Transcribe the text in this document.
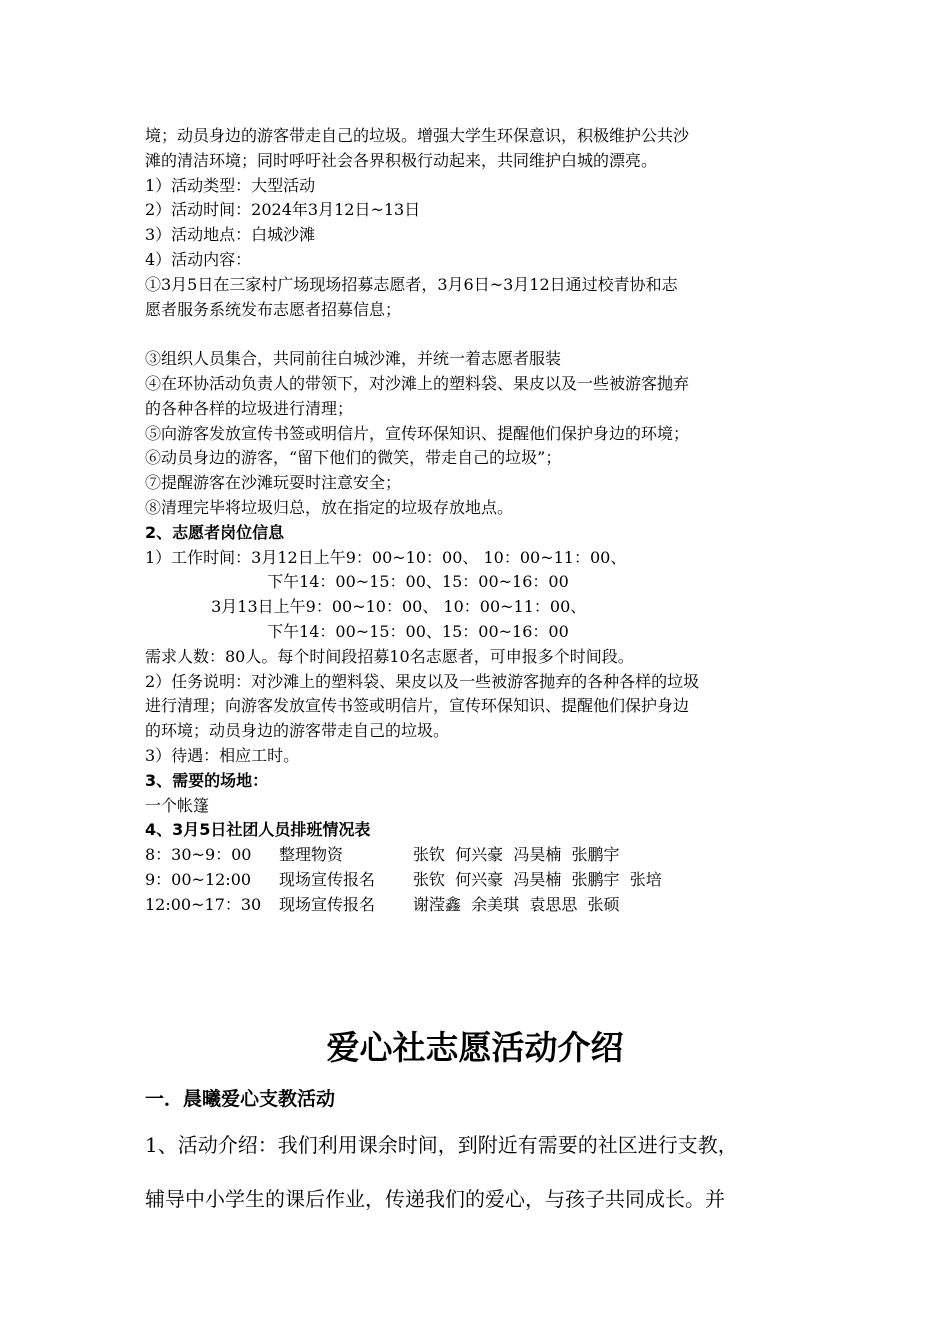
境；动员身边的游客带走自己的垃圾。增强大学生环保意识，积极维护公共沙

滩的清洁环境；同时呼吁社会各界积极行动起来，共同维护白城的漂亮。

1）活动类型：大型活动

2）活动时间：2024年3月12日~13日

3）活动地点：白城沙滩

4）活动内容：

①3月5日在三家村广场现场招募志愿者，3月6日~3月12日通过校青协和志

愿者服务系统发布志愿者招募信息；

③组织人员集合，共同前往白城沙滩，并统一着志愿者服装

④在环协活动负责人的带领下，对沙滩上的塑料袋、果皮以及一些被游客抛弃

的各种各样的垃圾进行清理；

⑤向游客发放宣传书签或明信片，宣传环保知识、提醒他们保护身边的环境；

⑥动员身边的游客，“留下他们的微笑，带走自己的垃圾”；

⑦提醒游客在沙滩玩耍时注意安全；

⑧清理完毕将垃圾归总，放在指定的垃圾存放地点。

2、志愿者岗位信息

1）工作时间：3月12日上午9：00~10：00、 10：00~11：00、

下午14：00~15：00、15：00~16：00

3月13日上午9：00~10：00、 10：00~11：00、

下午14：00~15：00、15：00~16：00

需求人数：80人。每个时间段招募10名志愿者，可申报多个时间段。

2）任务说明：对沙滩上的塑料袋、果皮以及一些被游客抛弃的各种各样的垃圾

进行清理；向游客发放宣传书签或明信片，宣传环保知识、提醒他们保护身边

的环境；动员身边的游客带走自己的垃圾。

3）待遇：相应工时。

3、需要的场地：

一个帐篷

4、3月5日社团人员排班情况表

8：30~9：00	整理物资	张钦  何兴豪  冯昊楠  张鹏宇
9：00~12:00	现场宣传报名	张钦  何兴豪  冯昊楠  张鹏宇  张培
12:00~17：30	现场宣传报名	谢滢鑫  余美琪  袁思思  张硕
爱心社志愿活动介绍
一．晨曦爱心支教活动

1、活动介绍：我们利用课余时间，到附近有需要的社区进行支教，

辅导中小学生的课后作业，传递我们的爱心，与孩子共同成长。并
